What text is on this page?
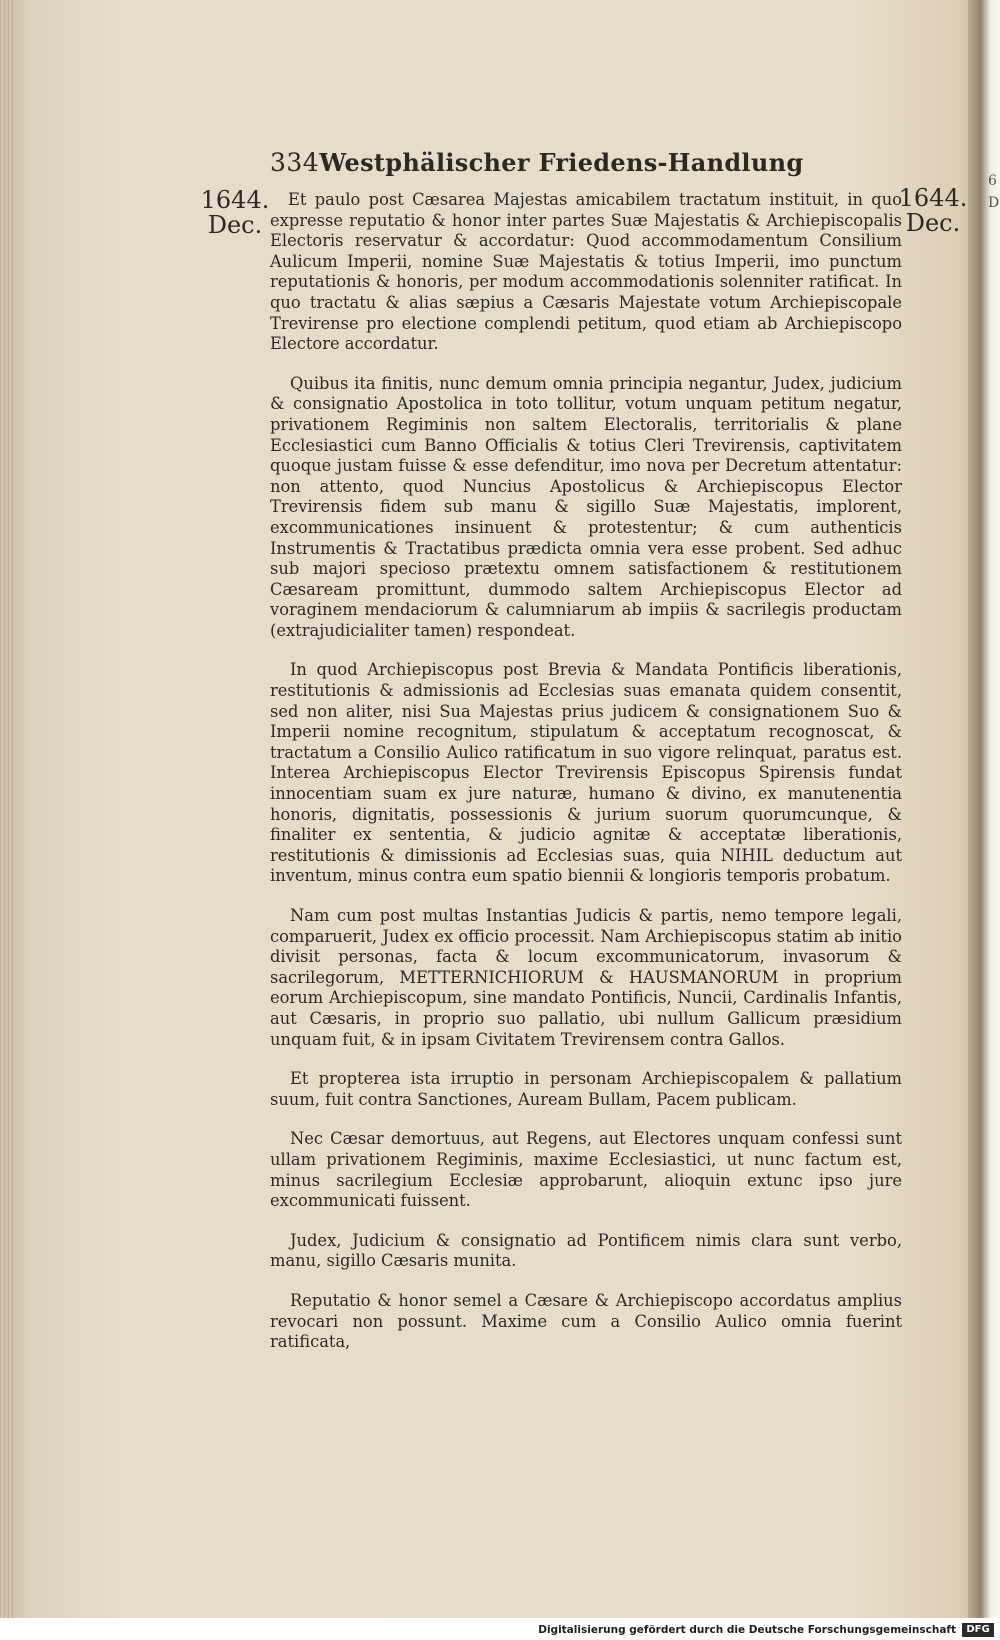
6 D
334 Westphälischer Friedens-Handlung
1644.
Dec.
1644.
Dec.

Et paulo post Cæsarea Majestas amicabilem tractatum instituit, in quo expresse reputatio & honor inter partes Suæ Majestatis & Archiepiscopalis Electoris reservatur & accordatur: Quod accommodamentum Consilium Aulicum Imperii, nomine Suæ Majestatis & totius Imperii, imo punctum reputationis & honoris, per modum accommodationis solenniter ratificat. In quo tractatu & alias sæpius a Cæsaris Majestate votum Archiepiscopale Trevirense pro electione complendi petitum, quod etiam ab Archiepiscopo Electore accordatur.

Quibus ita finitis, nunc demum omnia principia negantur, Judex, judicium & consignatio Apostolica in toto tollitur, votum unquam petitum negatur, privationem Regiminis non saltem Electoralis, territorialis & plane Ecclesiastici cum Banno Officialis & totius Cleri Trevirensis, captivitatem quoque justam fuisse & esse defenditur, imo nova per Decretum attentatur: non attento, quod Nuncius Apostolicus & Archiepiscopus Elector Trevirensis fidem sub manu & sigillo Suæ Majestatis, implorent, excommunicationes insinuent & protestentur; & cum authenticis Instrumentis & Tractatibus prædicta omnia vera esse probent. Sed adhuc sub majori specioso prætextu omnem satisfactionem & restitutionem Cæsaream promittunt, dummodo saltem Archiepiscopus Elector ad voraginem mendaciorum & calumniarum ab impiis & sacrilegis productam (extrajudicialiter tamen) respondeat.

In quod Archiepiscopus post Brevia & Mandata Pontificis liberationis, restitutionis & admissionis ad Ecclesias suas emanata quidem consentit, sed non aliter, nisi Sua Majestas prius judicem & consignationem Suo & Imperii nomine recognitum, stipulatum & acceptatum recognoscat, & tractatum a Consilio Aulico ratificatum in suo vigore relinquat, paratus est. Interea Archiepiscopus Elector Trevirensis Episcopus Spirensis fundat innocentiam suam ex jure naturæ, humano & divino, ex manutenentia honoris, dignitatis, possessionis & jurium suorum quorumcunque, & finaliter ex sententia, & judicio agnitæ & acceptatæ liberationis, restitutionis & dimissionis ad Ecclesias suas, quia NIHIL deductum aut inventum, minus contra eum spatio biennii & longioris temporis probatum.

Nam cum post multas Instantias Judicis & partis, nemo tempore legali, comparuerit, Judex ex officio processit. Nam Archiepiscopus statim ab initio divisit personas, facta & locum excommunicatorum, invasorum & sacrilegorum, METTERNICHIORUM & HAUSMANORUM in proprium eorum Archiepiscopum, sine mandato Pontificis, Nuncii, Cardinalis Infantis, aut Cæsaris, in proprio suo pallatio, ubi nullum Gallicum præsidium unquam fuit, & in ipsam Civitatem Trevirensem contra Gallos.

Et propterea ista irruptio in personam Archiepiscopalem & pallatium suum, fuit contra Sanctiones, Auream Bullam, Pacem publicam.

Nec Cæsar demortuus, aut Regens, aut Electores unquam confessi sunt ullam privationem Regiminis, maxime Ecclesiastici, ut nunc factum est, minus sacrilegium Ecclesiæ approbarunt, alioquin extunc ipso jure excommunicati fuissent.

Judex, Judicium & consignatio ad Pontificem nimis clara sunt verbo, manu, sigillo Cæsaris munita.

Reputatio & honor semel a Cæsare & Archiepiscopo accordatus amplius revocari non possunt. Maxime cum a Consilio Aulico omnia fuerint ratificata,

Digitalisierung gefördert durch die Deutsche Forschungsgemeinschaft	DFG
